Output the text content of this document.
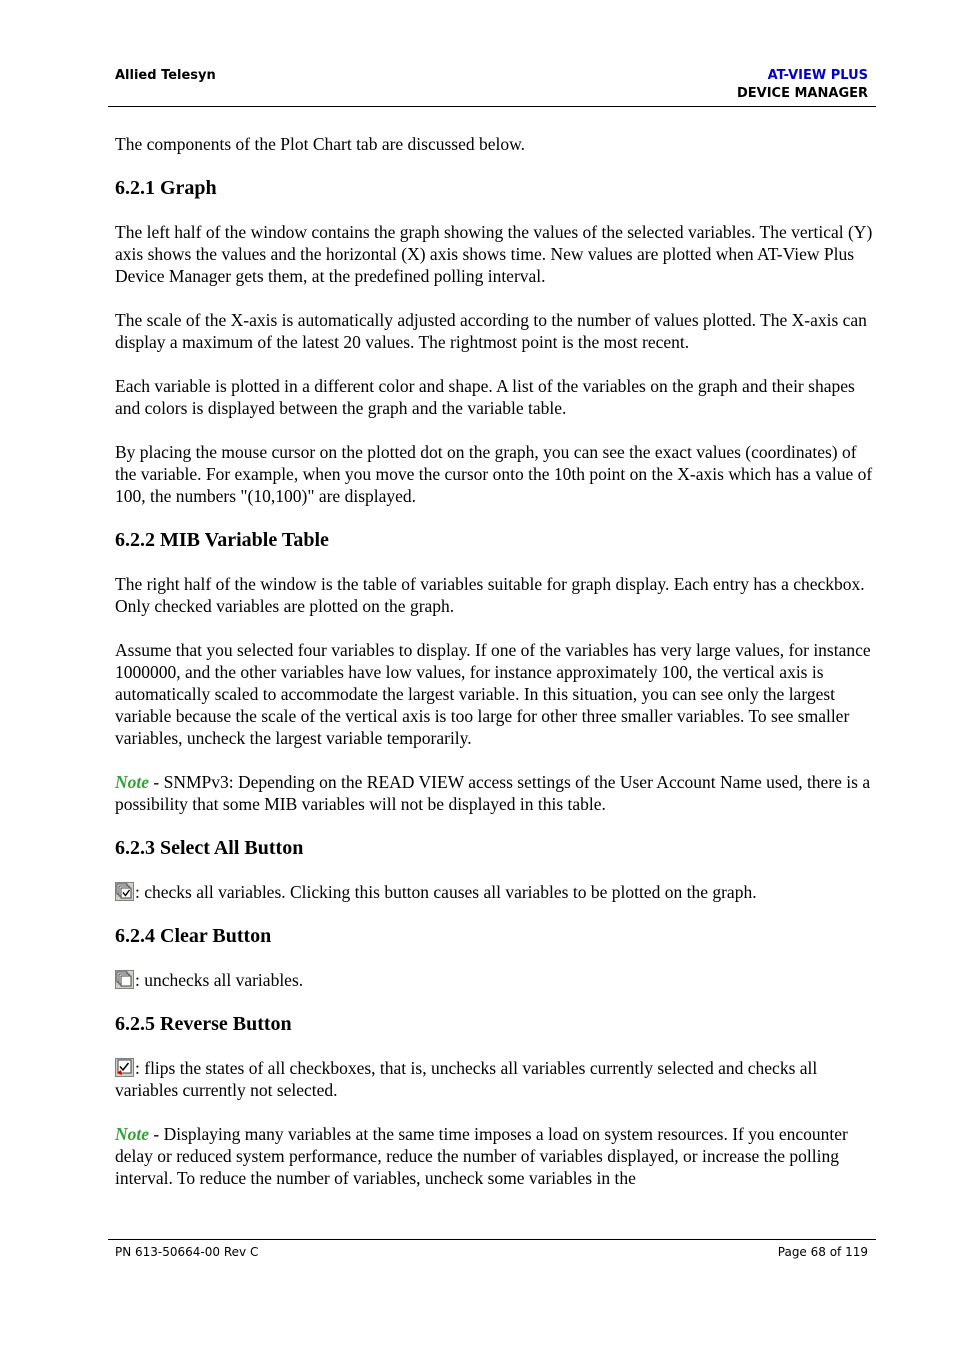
Allied Telesyn	AT-VIEW PLUS
DEVICE MANAGER

The components of the Plot Chart tab are discussed below.

6.2.1 Graph

The left half of the window contains the graph showing the values of the selected variables. The vertical (Y) axis shows the values and the horizontal (X) axis shows time. New values are plotted when AT-View Plus Device Manager gets them, at the predefined polling interval.

The scale of the X-axis is automatically adjusted according to the number of values plotted. The X-axis can display a maximum of the latest 20 values. The rightmost point is the most recent.

Each variable is plotted in a different color and shape. A list of the variables on the graph and their shapes and colors is displayed between the graph and the variable table.

By placing the mouse cursor on the plotted dot on the graph, you can see the exact values (coordinates) of the variable. For example, when you move the cursor onto the 10th point on the X-axis which has a value of 100, the numbers "(10,100)" are displayed.

6.2.2 MIB Variable Table

The right half of the window is the table of variables suitable for graph display. Each entry has a checkbox. Only checked variables are plotted on the graph.

Assume that you selected four variables to display. If one of the variables has very large values, for instance 1000000, and the other variables have low values, for instance approximately 100, the vertical axis is automatically scaled to accommodate the largest variable. In this situation, you can see only the largest variable because the scale of the vertical axis is too large for other three smaller variables. To see smaller variables, uncheck the largest variable temporarily.

Note - SNMPv3: Depending on the READ VIEW access settings of the User Account Name used, there is a possibility that some MIB variables will not be displayed in this table.

6.2.3 Select All Button

: checks all variables. Clicking this button causes all variables to be plotted on the graph.

6.2.4 Clear Button

: unchecks all variables.

6.2.5 Reverse Button

: flips the states of all checkboxes, that is, unchecks all variables currently selected and checks all variables currently not selected.

Note - Displaying many variables at the same time imposes a load on system resources. If you encounter delay or reduced system performance, reduce the number of variables displayed, or increase the polling interval. To reduce the number of variables, uncheck some variables in the

PN 613-50664-00 Rev C	Page 68 of 119
